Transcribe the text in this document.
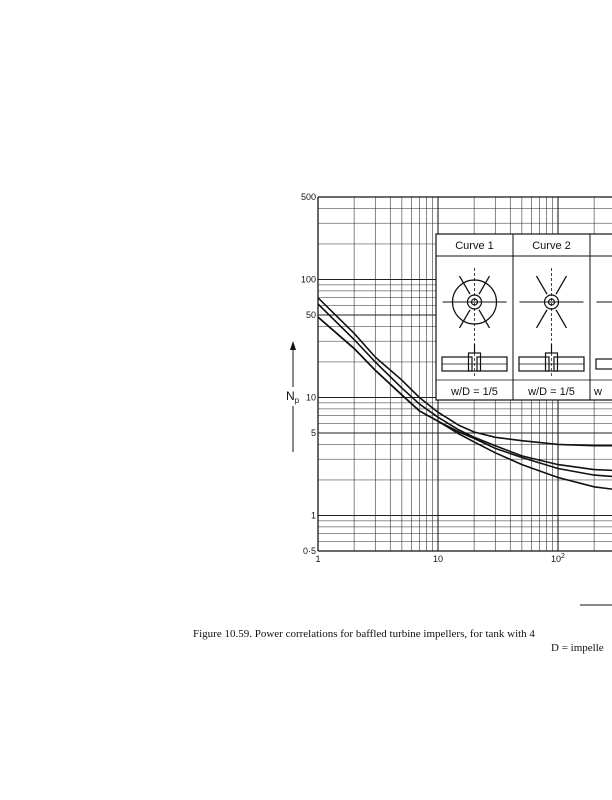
Curve 1
w/D = 1/5
Curve 2
w/D = 1/5 w
500
100
50
10
5
1
0·5
1	10	$10^2$
$N_p$
Figure 10.59. Power correlations for baffled turbine impellers, for tank with 4
D = impelle
